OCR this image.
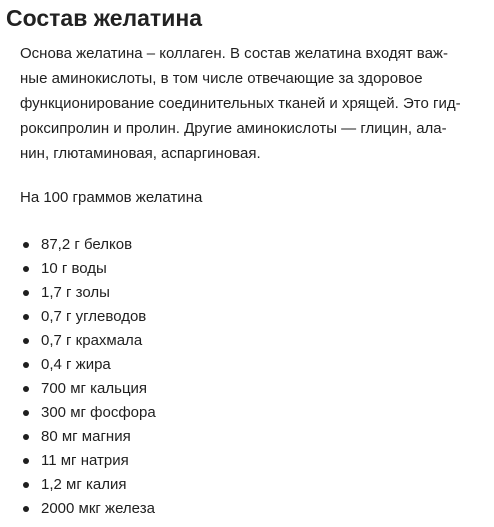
Состав желатина

Основа желатина – коллаген. В состав желатина входят важ-
ные аминокислоты, в том числе отвечающие за здоровое
функционирование соединительных тканей и хрящей. Это гид-
роксипролин и пролин. Другие аминокислоты — глицин, ала-
нин, глютаминовая, аспаргиновая.

На 100 граммов желатина

87,2 г белков
10 г воды
1,7 г золы
0,7 г углеводов
0,7 г крахмала
0,4 г жира
700 мг кальция
300 мг фосфора
80 мг магния
11 мг натрия
1,2 мг калия
2000 мкг железа
